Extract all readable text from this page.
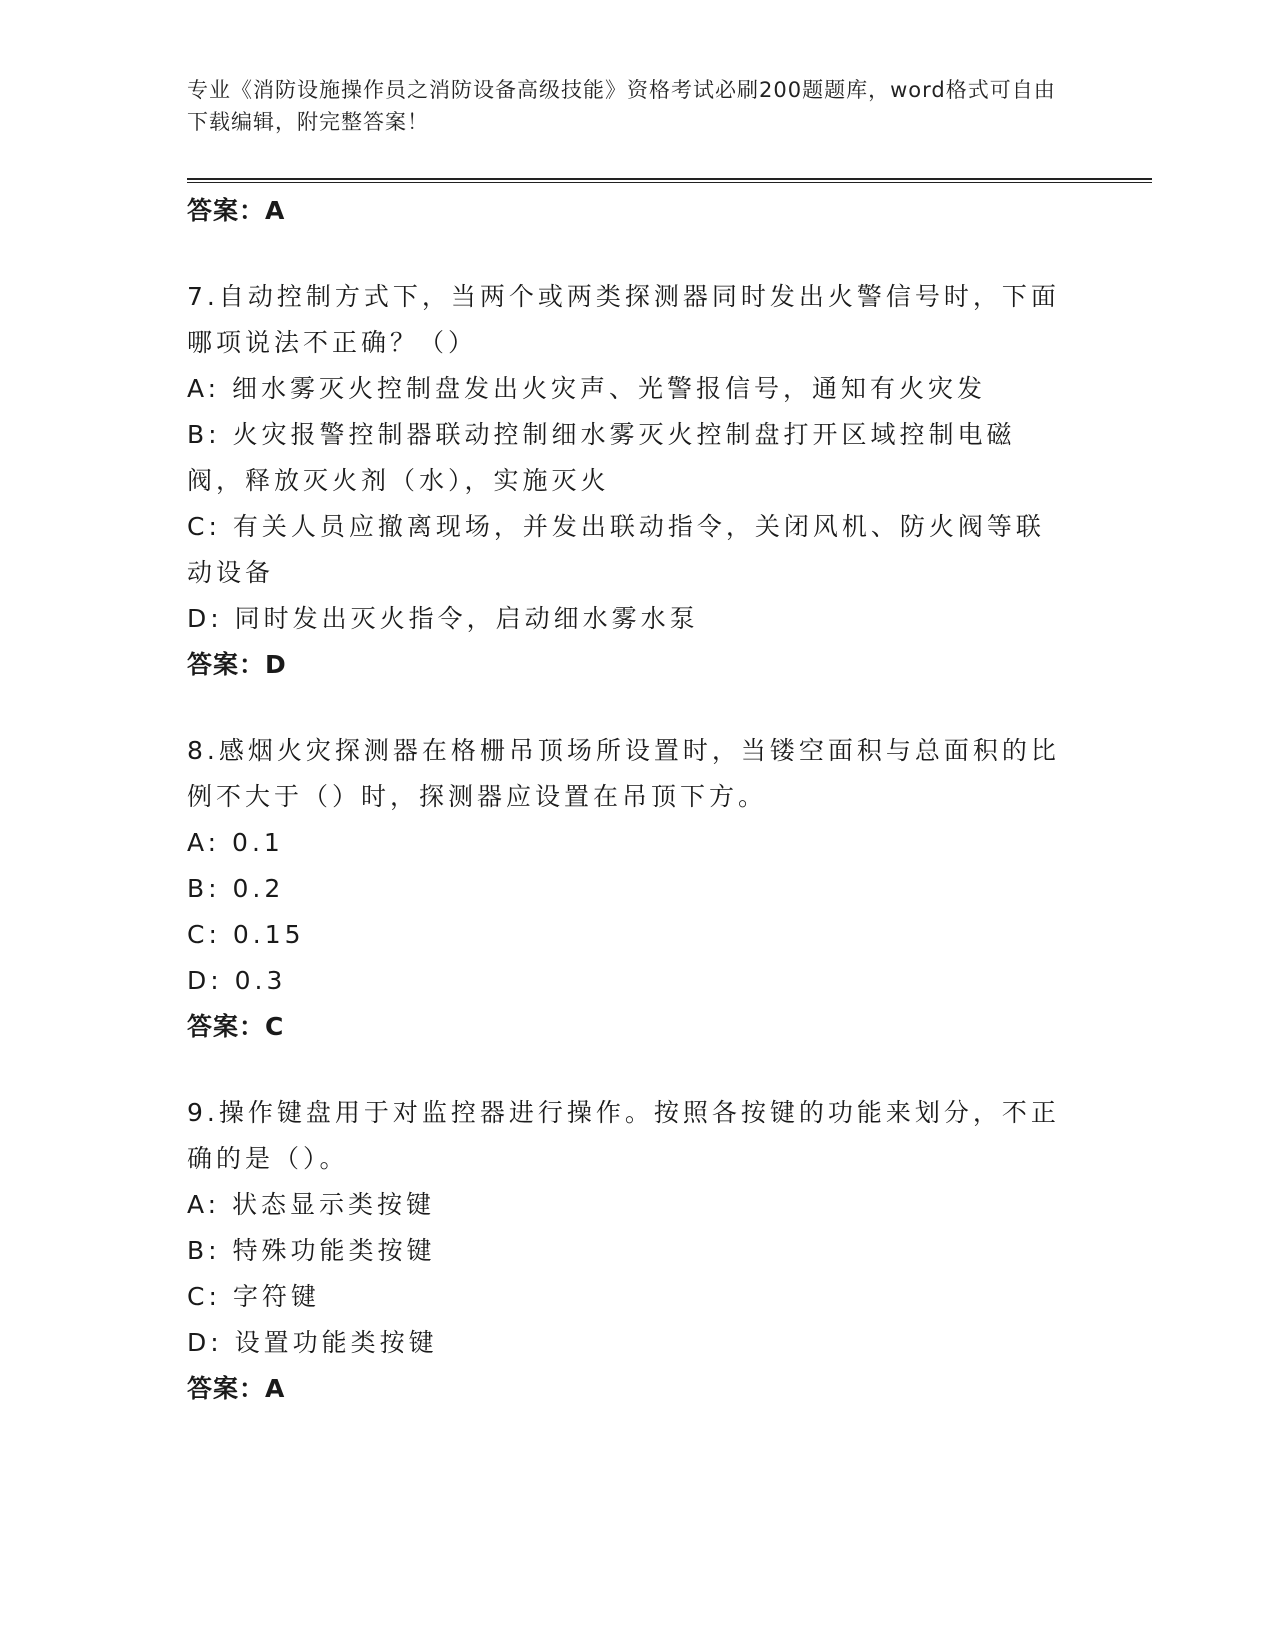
专业《消防设施操作员之消防设备高级技能》资格考试必刷200题题库，word格式可自由下载编辑，附完整答案！
答案：A
7.自动控制方式下，当两个或两类探测器同时发出火警信号时，下面哪项说法不正确？（）
A : 细水雾灭火控制盘发出火灾声、光警报信号，通知有火灾发
B : 火灾报警控制器联动控制细水雾灭火控制盘打开区域控制电磁阀，释放灭火剂（水），实施灭火
C : 有关人员应撤离现场，并发出联动指令，关闭风机、防火阀等联动设备
D : 同时发出灭火指令，启动细水雾水泵
答案：D
8.感烟火灾探测器在格栅吊顶场所设置时，当镂空面积与总面积的比例不大于（）时，探测器应设置在吊顶下方。
A : 0.1
B : 0.2
C : 0.15
D : 0.3
答案：C
9.操作键盘用于对监控器进行操作。按照各按键的功能来划分，不正确的是（）。
A : 状态显示类按键
B : 特殊功能类按键
C : 字符键
D : 设置功能类按键
答案：A
